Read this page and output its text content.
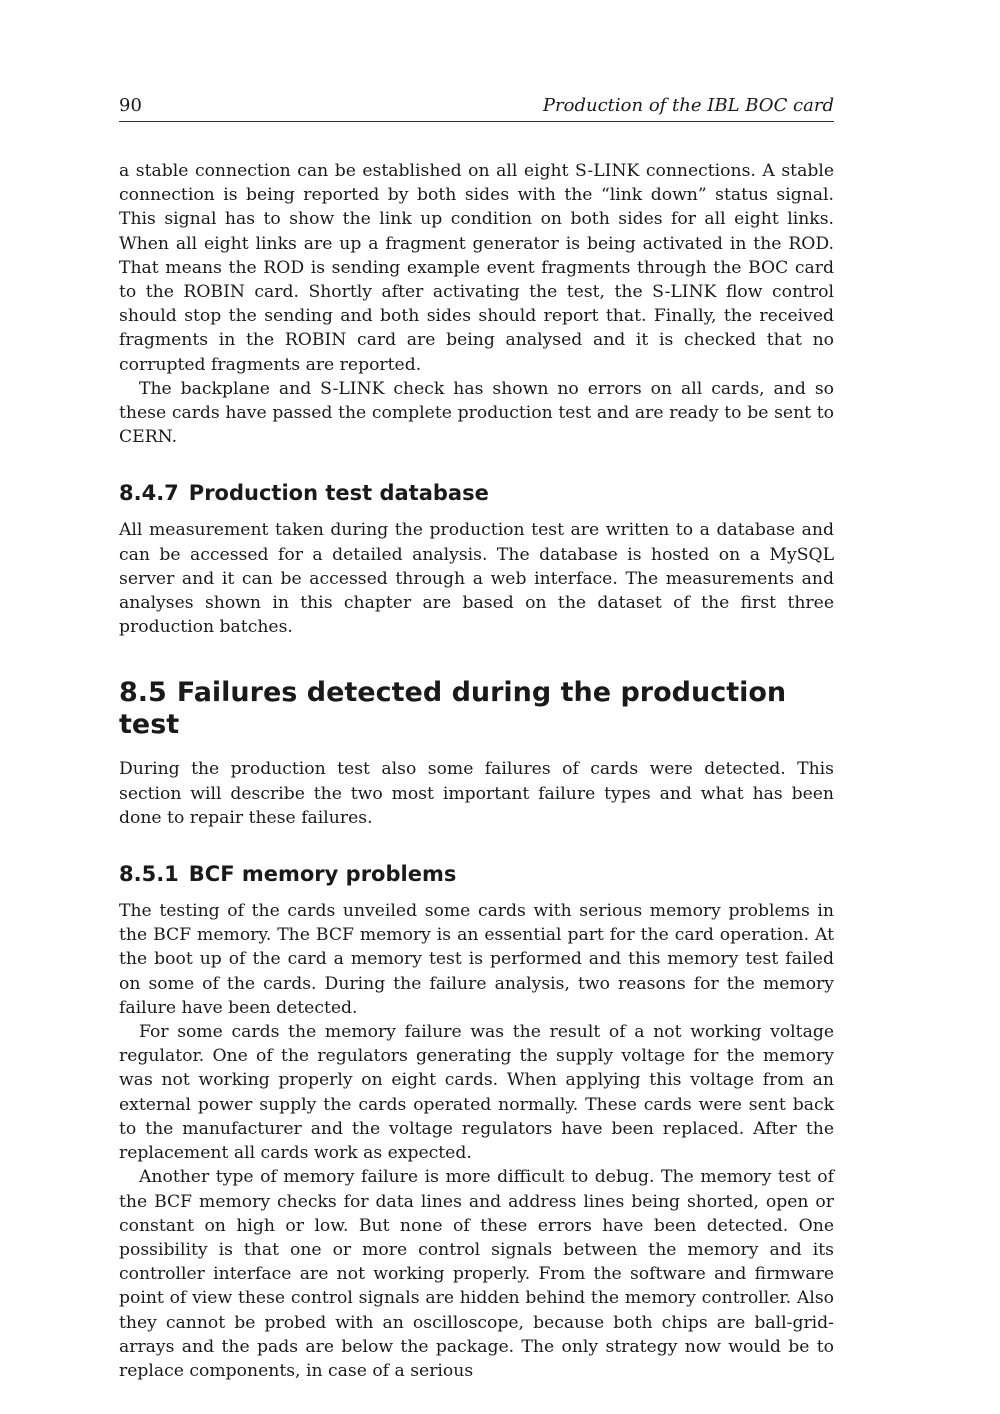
90	Production of the IBL BOC card

a stable connection can be established on all eight S-LINK connections. A stable connection is being reported by both sides with the “link down” status signal. This signal has to show the link up condition on both sides for all eight links. When all eight links are up a fragment generator is being activated in the ROD. That means the ROD is sending example event fragments through the BOC card to the ROBIN card. Shortly after activating the test, the S-LINK flow control should stop the sending and both sides should report that. Finally, the received fragments in the ROBIN card are being analysed and it is checked that no corrupted fragments are reported.

The backplane and S-LINK check has shown no errors on all cards, and so these cards have passed the complete production test and are ready to be sent to CERN.

8.4.7 Production test database

All measurement taken during the production test are written to a database and can be accessed for a detailed analysis. The database is hosted on a MySQL server and it can be accessed through a web interface. The measurements and analyses shown in this chapter are based on the dataset of the first three production batches.

8.5 Failures detected during the production test

During the production test also some failures of cards were detected. This section will describe the two most important failure types and what has been done to repair these failures.

8.5.1 BCF memory problems

The testing of the cards unveiled some cards with serious memory problems in the BCF memory. The BCF memory is an essential part for the card operation. At the boot up of the card a memory test is performed and this memory test failed on some of the cards. During the failure analysis, two reasons for the memory failure have been detected.

For some cards the memory failure was the result of a not working voltage regulator. One of the regulators generating the supply voltage for the memory was not working properly on eight cards. When applying this voltage from an external power supply the cards operated normally. These cards were sent back to the manufacturer and the voltage regulators have been replaced. After the replacement all cards work as expected.

Another type of memory failure is more difficult to debug. The memory test of the BCF memory checks for data lines and address lines being shorted, open or constant on high or low. But none of these errors have been detected. One possibility is that one or more control signals between the memory and its controller interface are not working properly. From the software and firmware point of view these control signals are hidden behind the memory controller. Also they cannot be probed with an oscilloscope, because both chips are ball-grid-arrays and the pads are below the package. The only strategy now would be to replace components, in case of a serious
